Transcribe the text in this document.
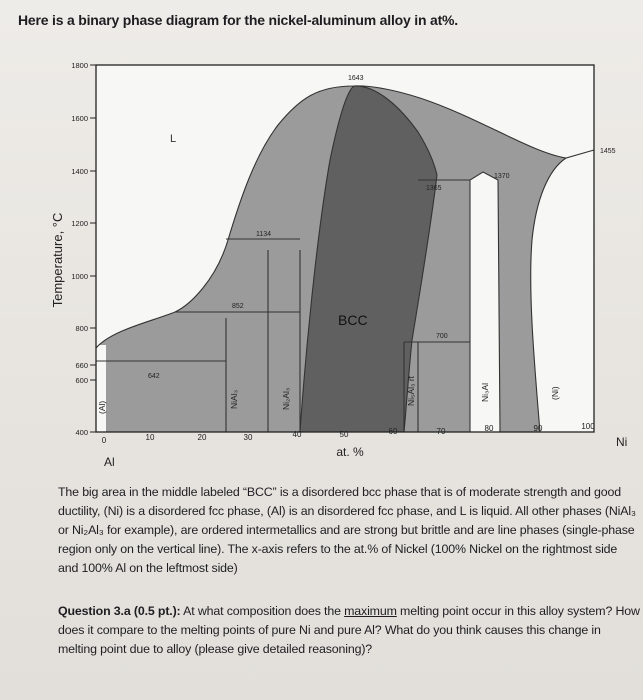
Here is a binary phase diagram for the nickel-aluminum alloy in at%.
1800
1600
1400
1200
1000
800
660
600
400
0	10	20	30	40	50	60	70	80	90	100
Temperature, °C
at. %
Al
Ni
L
BCC
(Al)	NiAl₃	Ni₂Al₃	Ni₅Al₃ rt	Ni₃Al	(Ni)
1643
1455
1365
1370
1134
852
700
642
The big area in the middle labeled “BCC” is a disordered bcc phase that is of moderate strength and good ductility, (Ni) is a disordered fcc phase, (Al) is an disordered fcc phase, and L is liquid. All other phases (NiAl₃ or Ni₂Al₃ for example), are ordered intermetallics and are strong but brittle and are line phases (single-phase region only on the vertical line). The x-axis refers to the at.% of Nickel (100% Nickel on the rightmost side and 100% Al on the leftmost side)
Question 3.a (0.5 pt.): At what composition does the maximum melting point occur in this alloy system? How does it compare to the melting points of pure Ni and pure Al? What do you think causes this change in melting point due to alloy (please give detailed reasoning)?
